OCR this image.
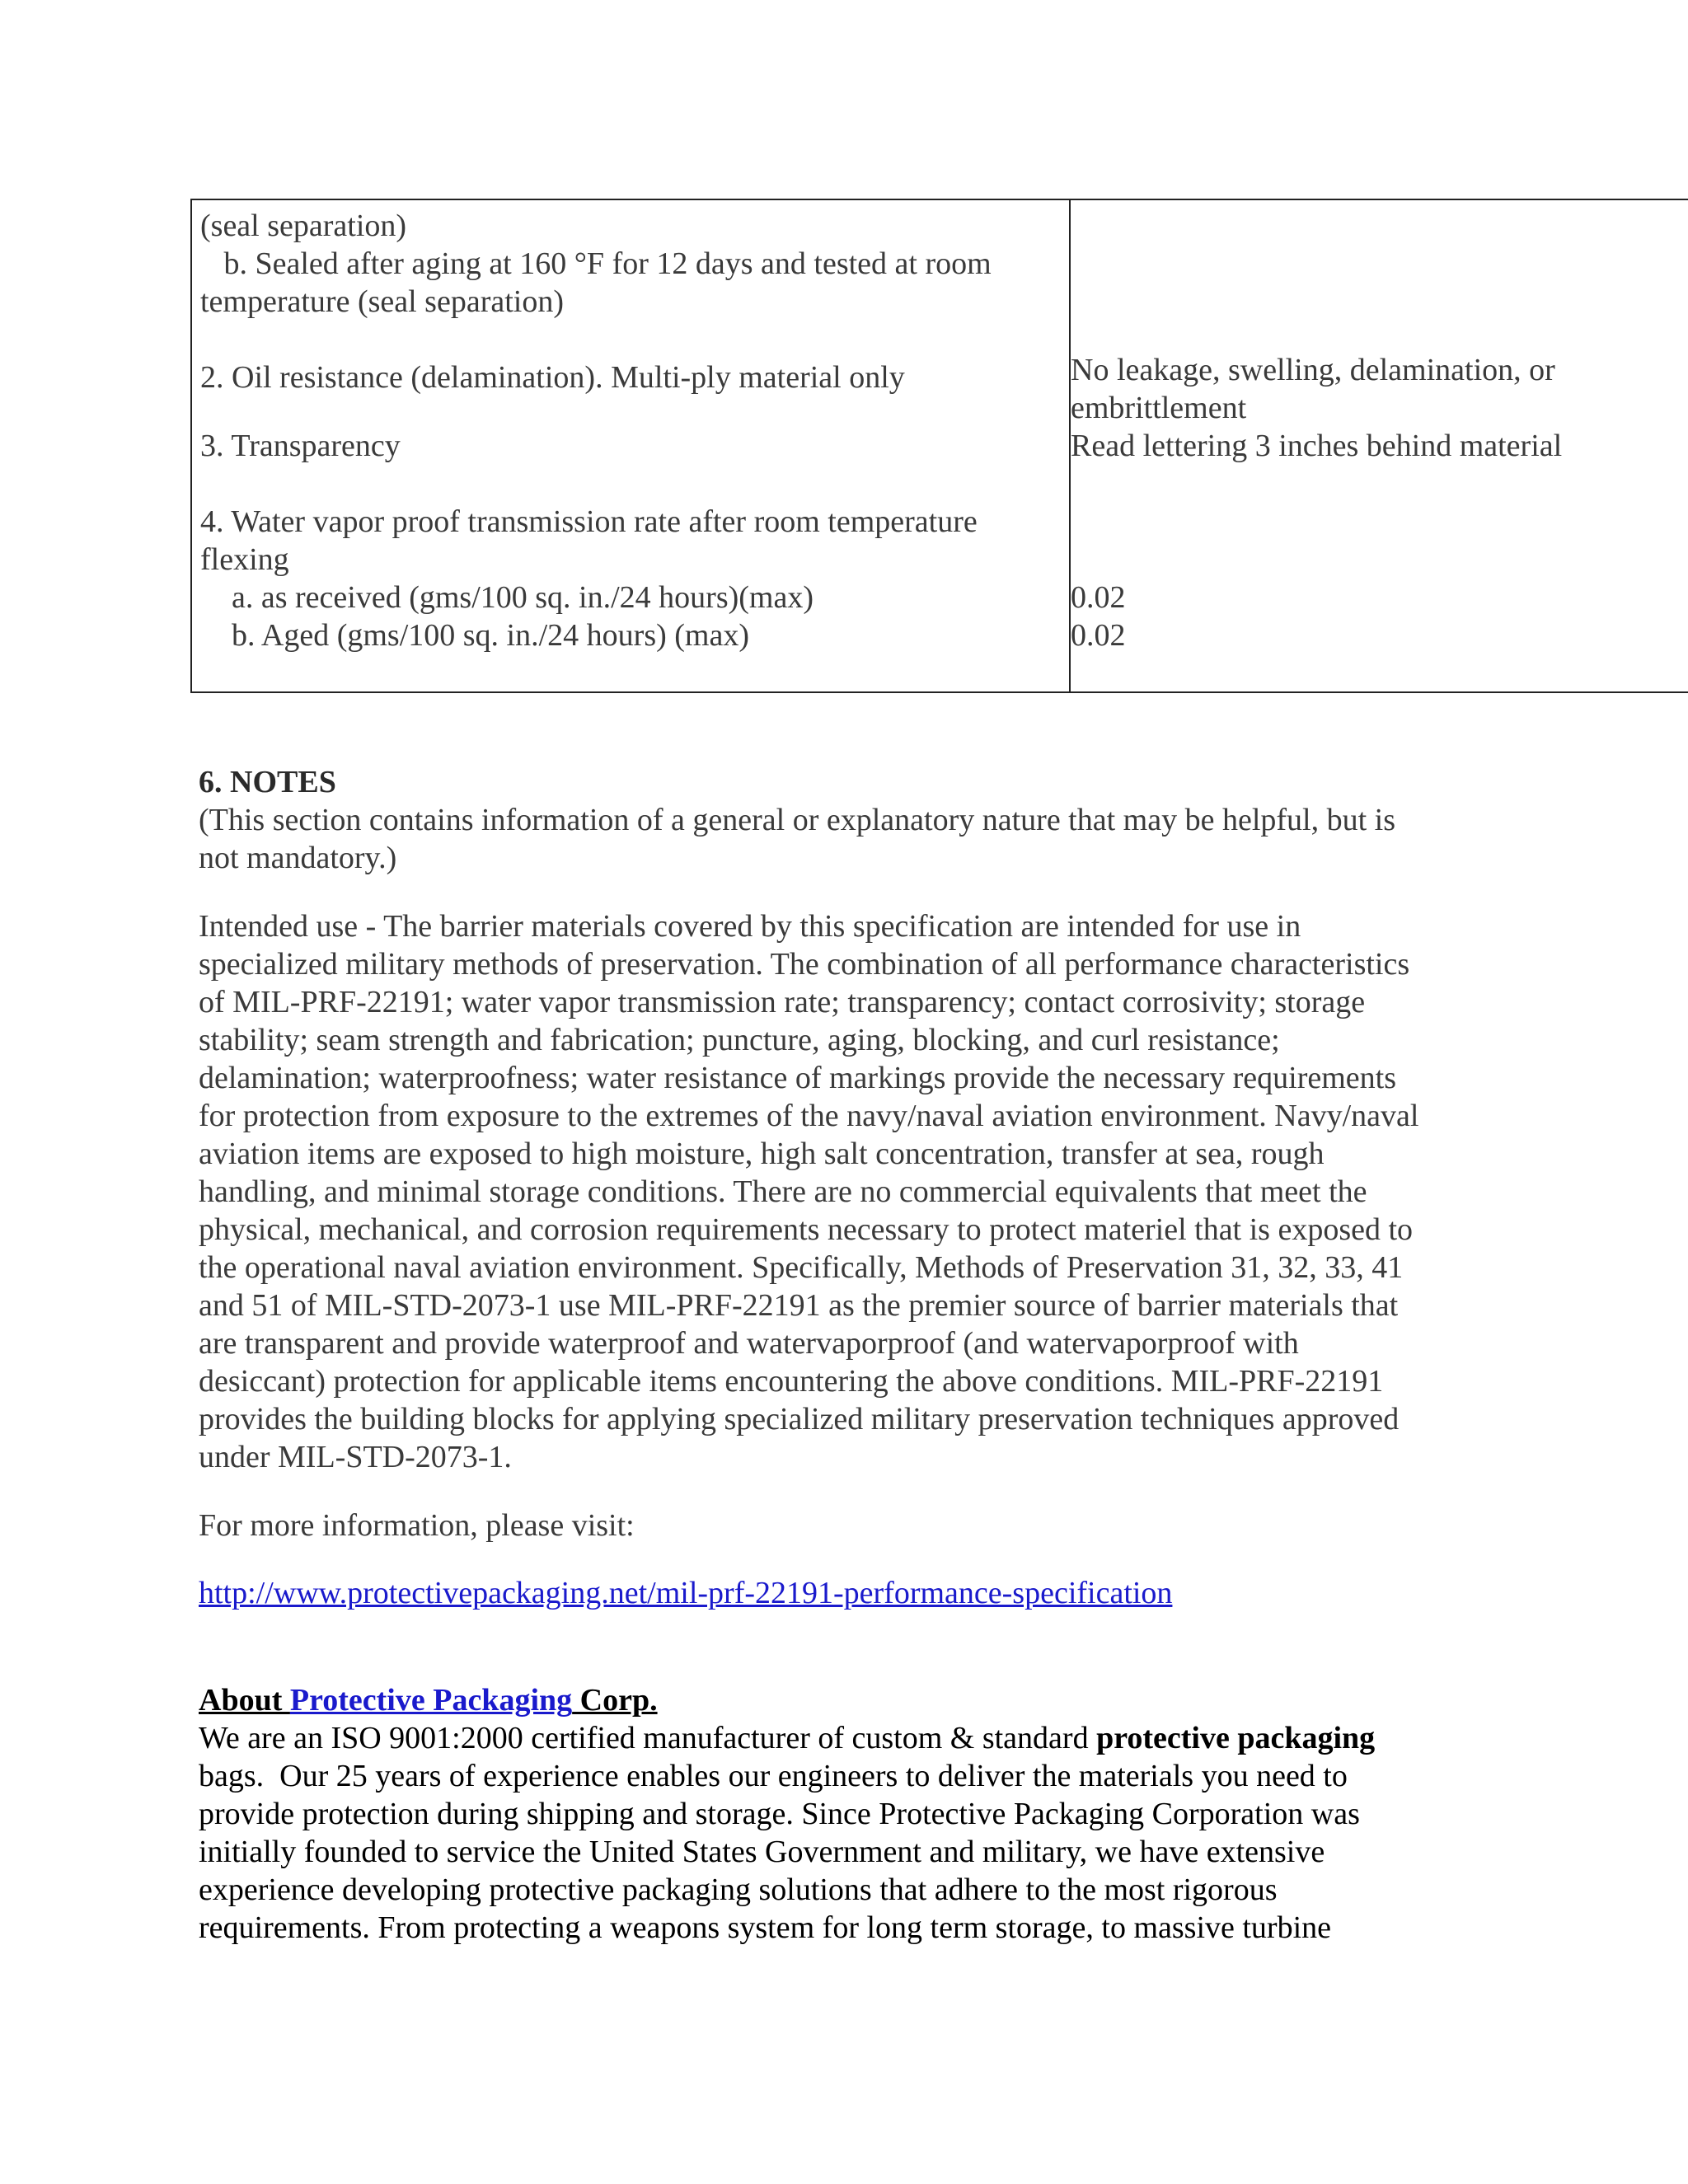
(seal separation)
b. Sealed after aging at 160 °F for 12 days and tested at room
temperature (seal separation)
2. Oil resistance (delamination). Multi-ply material only
3. Transparency
4. Water vapor proof transmission rate after room temperature
flexing
a. as received (gms/100 sq. in./24 hours)(max)
b. Aged (gms/100 sq. in./24 hours) (max)
No leakage, swelling, delamination, or
embrittlement
Read lettering 3 inches behind material
0.02
0.02
6. NOTES
(This section contains information of a general or explanatory nature that may be helpful, but is
not mandatory.)
Intended use - The barrier materials covered by this specification are intended for use in
specialized military methods of preservation. The combination of all performance characteristics
of MIL-PRF-22191; water vapor transmission rate; transparency; contact corrosivity; storage
stability; seam strength and fabrication; puncture, aging, blocking, and curl resistance;
delamination; waterproofness; water resistance of markings provide the necessary requirements
for protection from exposure to the extremes of the navy/naval aviation environment. Navy/naval
aviation items are exposed to high moisture, high salt concentration, transfer at sea, rough
handling, and minimal storage conditions. There are no commercial equivalents that meet the
physical, mechanical, and corrosion requirements necessary to protect materiel that is exposed to
the operational naval aviation environment. Specifically, Methods of Preservation 31, 32, 33, 41
and 51 of MIL-STD-2073-1 use MIL-PRF-22191 as the premier source of barrier materials that
are transparent and provide waterproof and watervaporproof (and watervaporproof with
desiccant) protection for applicable items encountering the above conditions. MIL-PRF-22191
provides the building blocks for applying specialized military preservation techniques approved
under MIL-STD-2073-1.
For more information, please visit:
http://www.protectivepackaging.net/mil-prf-22191-performance-specification
About Protective Packaging Corp.
We are an ISO 9001:2000 certified manufacturer of custom & standard protective packaging
bags.  Our 25 years of experience enables our engineers to deliver the materials you need to
provide protection during shipping and storage. Since Protective Packaging Corporation was
initially founded to service the United States Government and military, we have extensive
experience developing protective packaging solutions that adhere to the most rigorous
requirements. From protecting a weapons system for long term storage, to massive turbine
